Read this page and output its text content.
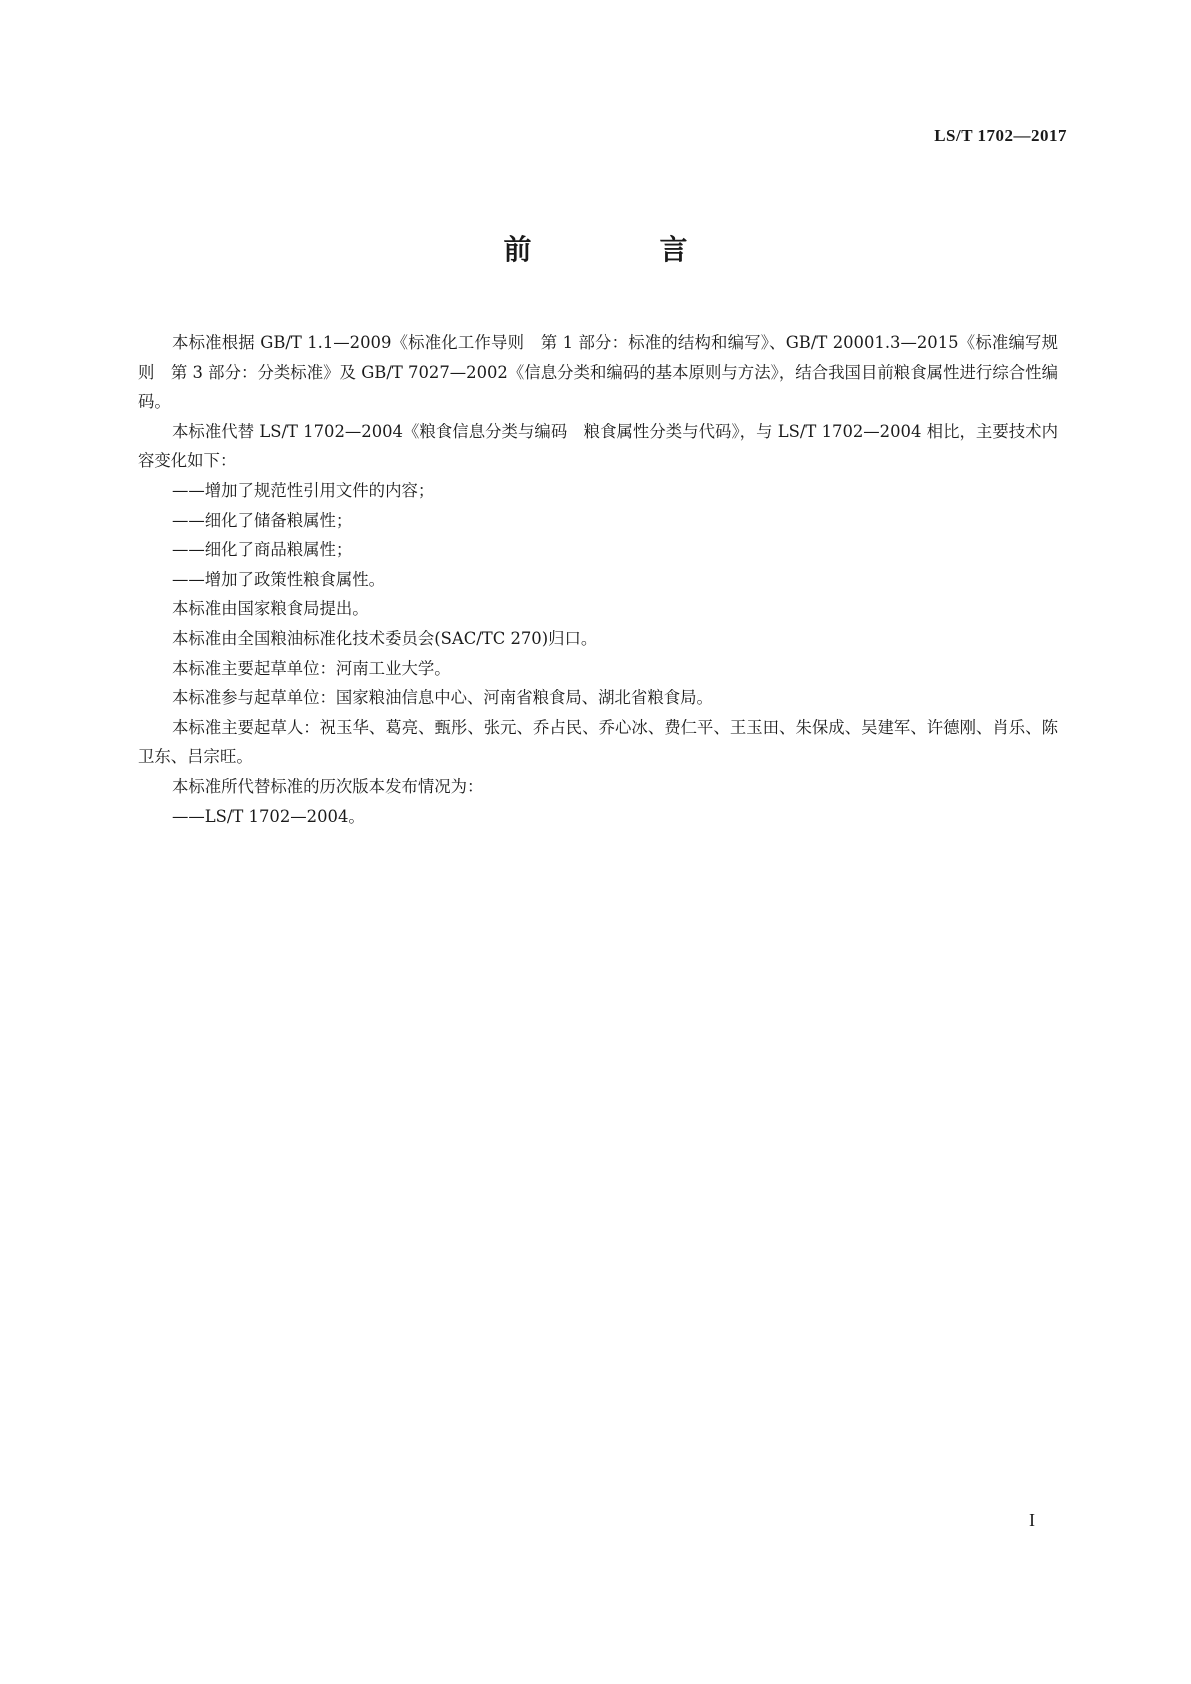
LS/T 1702—2017
前　言

本标准根据 GB/T 1.1—2009《标准化工作导则　第 1 部分：标准的结构和编写》、GB/T 20001.3—2015《标准编写规则　第 3 部分：分类标准》及 GB/T 7027—2002《信息分类和编码的基本原则与方法》，结合我国目前粮食属性进行综合性编码。

本标准代替 LS/T 1702—2004《粮食信息分类与编码　粮食属性分类与代码》，与 LS/T 1702—2004 相比，主要技术内容变化如下：

——增加了规范性引用文件的内容；

——细化了储备粮属性；

——细化了商品粮属性；

——增加了政策性粮食属性。

本标准由国家粮食局提出。

本标准由全国粮油标准化技术委员会(SAC/TC 270)归口。

本标准主要起草单位：河南工业大学。

本标准参与起草单位：国家粮油信息中心、河南省粮食局、湖北省粮食局。

本标准主要起草人：祝玉华、葛亮、甄彤、张元、乔占民、乔心冰、费仁平、王玉田、朱保成、吴建军、许德刚、肖乐、陈卫东、吕宗旺。

本标准所代替标准的历次版本发布情况为：

——LS/T 1702—2004。

I
